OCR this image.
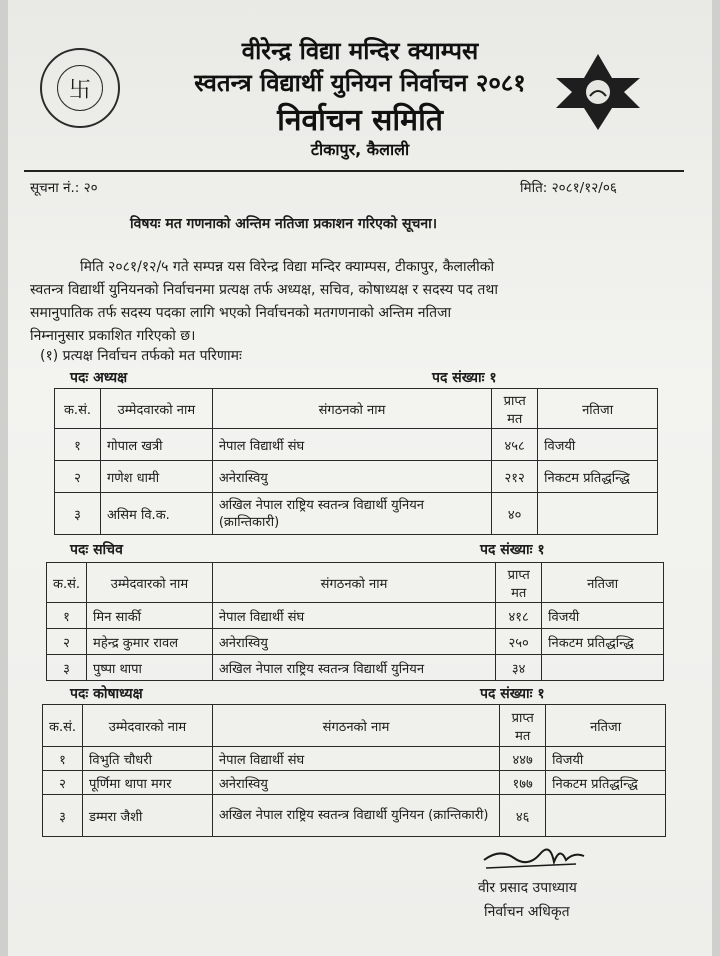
卐
वीरेन्द्र विद्या मन्दिर क्याम्पस
स्वतन्त्र विद्यार्थी युनियन निर्वाचन २०८१
निर्वाचन समिति
टीकापुर, कैलाली
सूचना नं.: २०	मिति: २०८१/१२/०६
विषयः मत गणनाको अन्तिम नतिजा प्रकाशन गरिएको सूचना।
मिति २०८१/१२/५ गते सम्पन्न यस विरेन्द्र विद्या मन्दिर क्याम्पस, टीकापुर, कैलालीको
स्वतन्त्र विद्यार्थी युनियनको निर्वाचनमा प्रत्यक्ष तर्फ अध्यक्ष, सचिव, कोषाध्यक्ष र सदस्य पद तथा
समानुपातिक तर्फ सदस्य पदका लागि भएको निर्वाचनको मतगणनाको अन्तिम नतिजा
निम्नानुसार प्रकाशित गरिएको छ।
(१) प्रत्यक्ष निर्वाचन तर्फको मत परिणामः
पदः अध्यक्ष	पद संख्याः १
क.सं.	उम्मेदवारको नाम	संगठनको नाम	प्राप्त मत	नतिजा
१	गोपाल खत्री	नेपाल विद्यार्थी संघ	४५८	विजयी
२	गणेश धामी	अनेरास्वियु	२१२	निकटम प्रतिद्धन्द्धि
३	असिम वि.क.	अखिल नेपाल राष्ट्रिय स्वतन्त्र विद्यार्थी युनियन (क्रान्तिकारी)	४०	
पदः सचिव	पद संख्याः १
क.सं.	उम्मेदवारको नाम	संगठनको नाम	प्राप्त मत	नतिजा
१	मिन सार्की	नेपाल विद्यार्थी संघ	४१८	विजयी
२	महेन्द्र कुमार रावल	अनेरास्वियु	२५०	निकटम प्रतिद्धन्द्धि
३	पुष्पा थापा	अखिल नेपाल राष्ट्रिय स्वतन्त्र विद्यार्थी युनियन	३४	
पदः कोषाध्यक्ष	पद संख्याः १
क.सं.	उम्मेदवारको नाम	संगठनको नाम	प्राप्त मत	नतिजा
१	विभुति चौधरी	नेपाल विद्यार्थी संघ	४४७	विजयी
२	पूर्णिमा थापा मगर	अनेरास्वियु	१७७	निकटम प्रतिद्धन्द्धि
३	डम्मरा जैशी	अखिल नेपाल राष्ट्रिय स्वतन्त्र विद्यार्थी युनियन (क्रान्तिकारी)	४६	
वीर प्रसाद उपाध्याय
निर्वाचन अधिकृत
